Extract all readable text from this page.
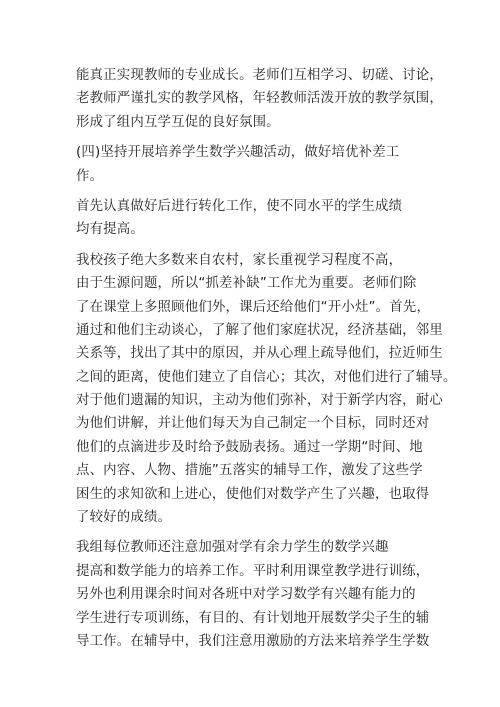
能真正实现教师的专业成长。老师们互相学习、切磋、讨论，
老教师严谨扎实的教学风格，年轻教师活泼开放的教学氛围，
形成了组内互学互促的良好氛围。
(四)坚持开展培养学生数学兴趣活动，做好培优补差工
作。
首先认真做好后进行转化工作，使不同水平的学生成绩
均有提高。
我校孩子绝大多数来自农村，家长重视学习程度不高，
由于生源问题，所以“抓差补缺”工作尤为重要。老师们除
了在课堂上多照顾他们外，课后还给他们“开小灶”。首先，
通过和他们主动谈心，了解了他们家庭状况，经济基础，邻里
关系等，找出了其中的原因，并从心理上疏导他们，拉近师生
之间的距离，使他们建立了自信心；其次，对他们进行了辅导。
对于他们遗漏的知识，主动为他们弥补，对于新学内容，耐心
为他们讲解，并让他们每天为自己制定一个目标，同时还对
他们的点滴进步及时给予鼓励表扬。通过一学期“时间、地
点、内容、人物、措施”五落实的辅导工作，激发了这些学
困生的求知欲和上进心，使他们对数学产生了兴趣，也取得
了较好的成绩。
我组每位教师还注意加强对学有余力学生的数学兴趣
提高和数学能力的培养工作。平时利用课堂教学进行训练，
另外也利用课余时间对各班中对学习数学有兴趣有能力的
学生进行专项训练，有目的、有计划地开展数学尖子生的辅
导工作。在辅导中，我们注意用激励的方法来培养学生学数
